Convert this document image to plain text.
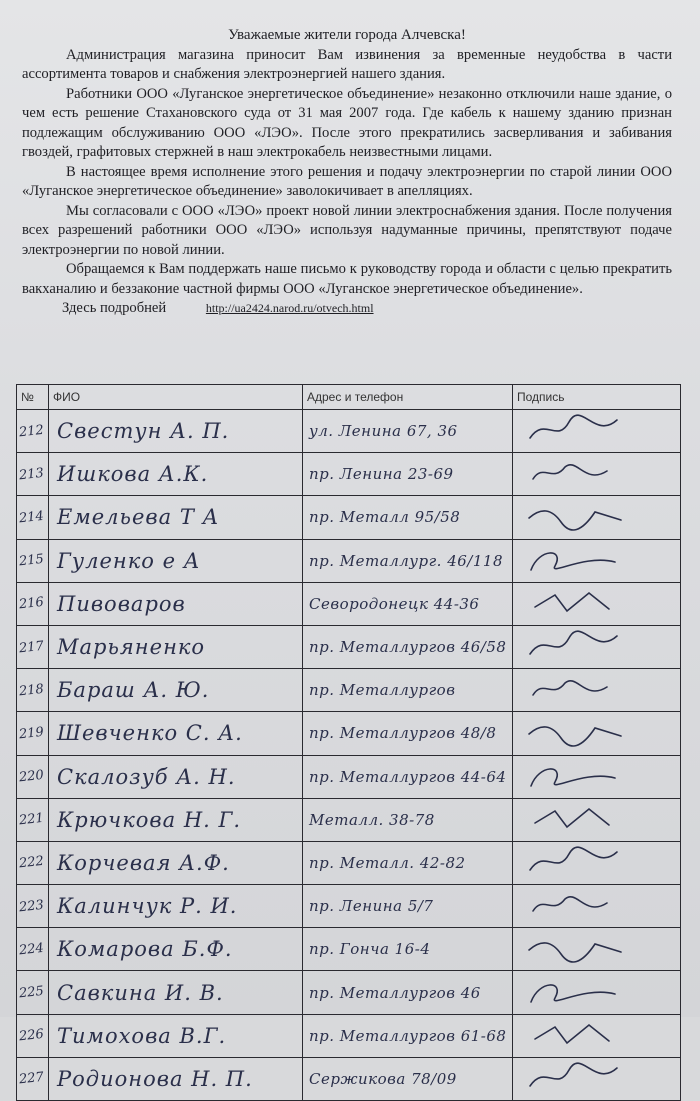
Уважаемые жители города Алчевска!

Администрация магазина приносит Вам извинения за временные неудобства в части ассортимента товаров и снабжения электроэнергией нашего здания.

Работники ООО «Луганское энергетическое объединение» незаконно отключили наше здание, о чем есть решение Стахановского суда от 31 мая 2007 года. Где кабель к нашему зданию признан подлежащим обслуживанию ООО «ЛЭО». После этого прекратились засверливания и забивания гвоздей, графитовых стержней в наш электрокабель неизвестными лицами.

В настоящее время исполнение этого решения и подачу электроэнергии по старой линии ООО «Луганское энергетическое объединение» заволокичивает в апелляциях.

Мы согласовали с ООО «ЛЭО» проект новой линии электроснабжения здания. После получения всех разрешений работники ООО «ЛЭО» используя надуманные причины, препятствуют подаче электроэнергии по новой линии.

Обращаемся к Вам поддержать наше письмо к руководству города и области с целью прекратить вакханалию и беззаконие частной фирмы ООО «Луганское энергетическое объединение».

Здесь подробней	http://ua2424.narod.ru/otvech.html

№	ФИО	Адрес и телефон	Подпись

212	Свестун А. П.	ул. Ленина 67, 36

213	Ишкова А.К.	пр. Ленина 23-69

214	Емельева Т А	пр. Металл 95/58

215	Гуленко е А	пр. Металлург. 46/118

216	Пивоваров	Севородонецк 44-36

217	Марьяненко	пр. Металлургов 46/58

218	Бараш А. Ю.	пр. Металлургов

219	Шевченко С. А.	пр. Металлургов 48/8

220	Скалозуб А. Н.	пр. Металлургов 44-64

221	Крючкова Н. Г.	Металл. 38-78

222	Корчевая А.Ф.	пр. Металл. 42-82

223	Калинчук Р. И.	пр. Ленина 5/7

224	Комарова Б.Ф.	пр. Гонча 16-4

225	Савкина И. В.	пр. Металлургов 46

226	Тимохова В.Г.	пр. Металлургов 61-68

227	Родионова Н. П.	Сержикова 78/09
